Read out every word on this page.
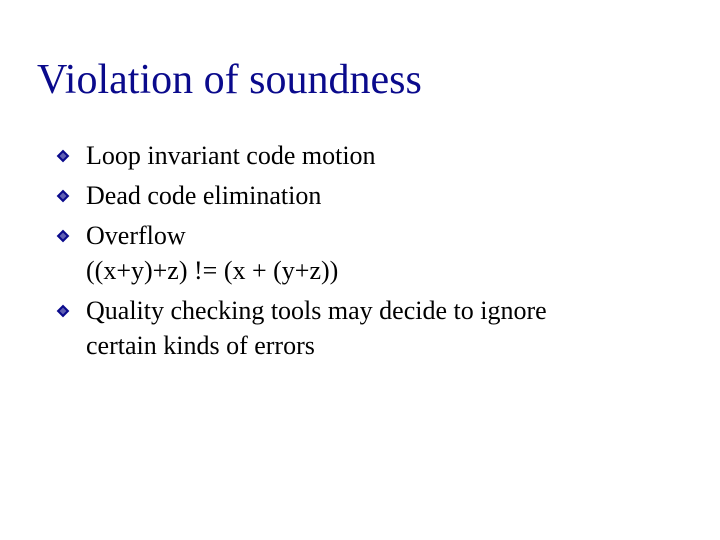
Violation of soundness
Loop invariant code motion
Dead code elimination
Overflow
((x+y)+z) != (x + (y+z))
Quality checking tools may decide to ignore
certain kinds of errors
